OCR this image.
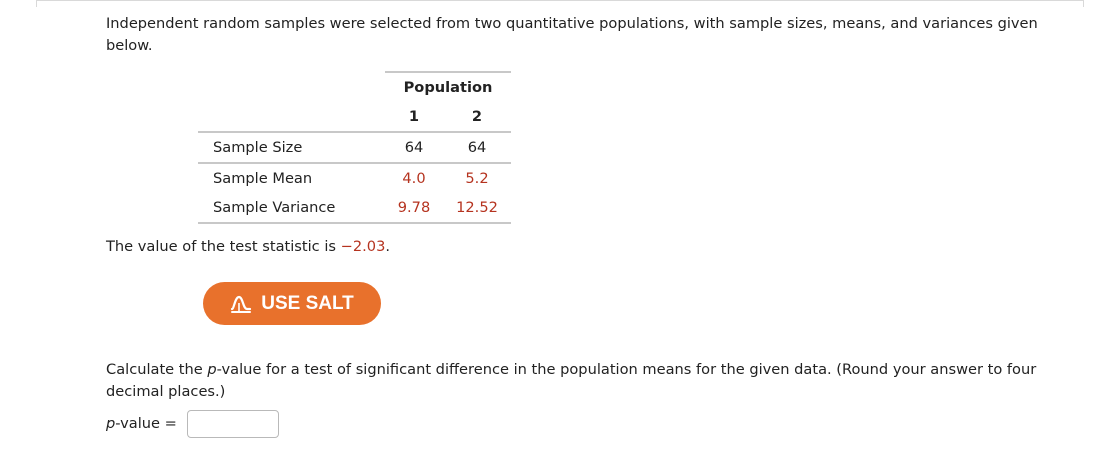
Independent random samples were selected from two quantitative populations, with sample sizes, means, and variances given below.
	Population	
	1	2
Sample Size	64	64
Sample Mean	4.0	5.2
Sample Variance	9.78	12.52
The value of the test statistic is −2.03.
USE SALT
Calculate the p-value for a test of significant difference in the population means for the given data. (Round your answer to four decimal places.)
p-value =
